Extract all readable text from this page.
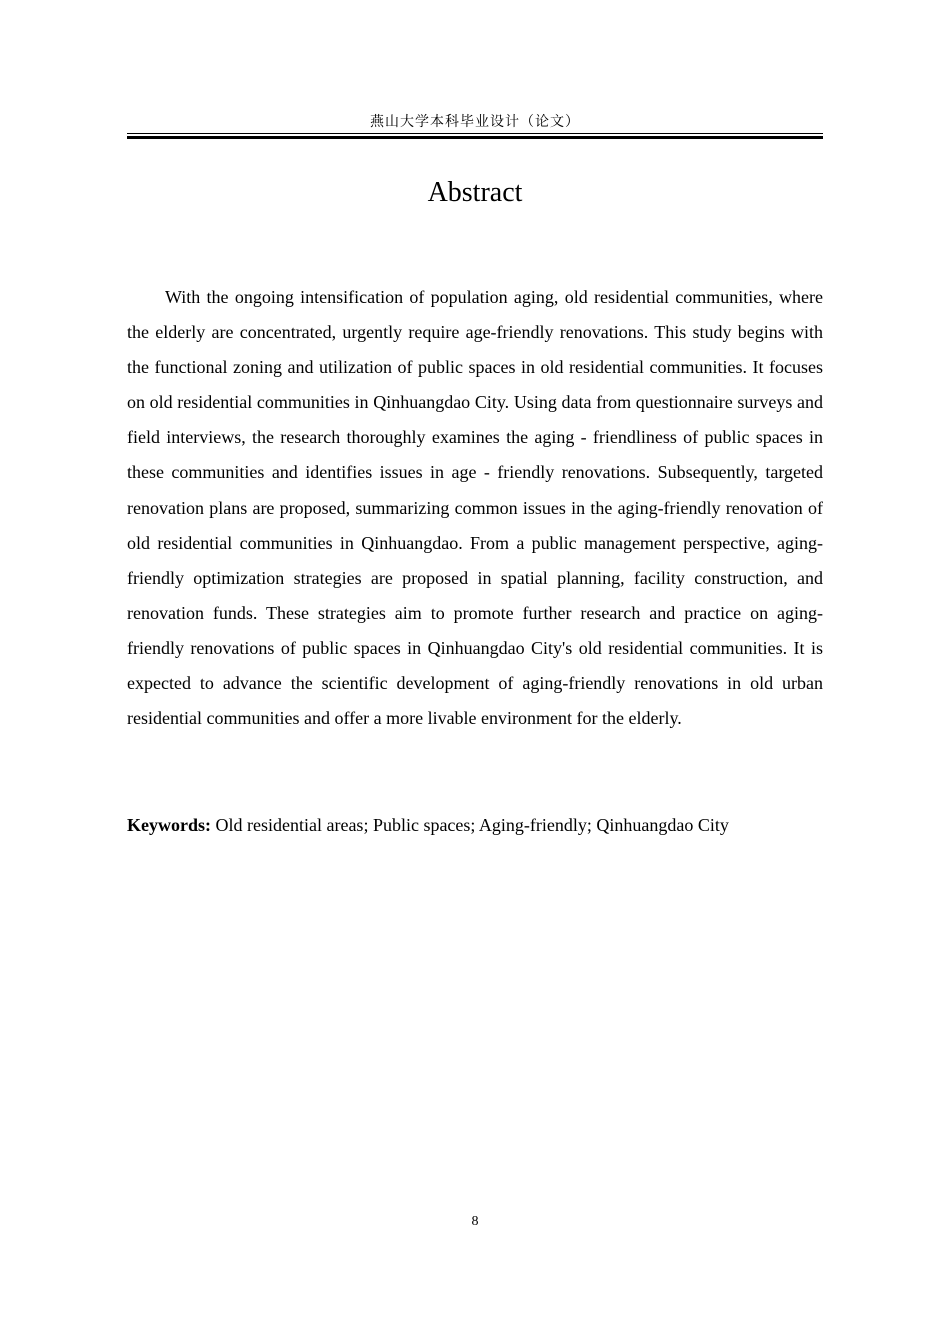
燕山大学本科毕业设计（论文）
Abstract

With the ongoing intensification of population aging, old residential communities, where the elderly are concentrated, urgently require age-friendly renovations. This study begins with the functional zoning and utilization of public spaces in old residential communities. It focuses on old residential communities in Qinhuangdao City. Using data from questionnaire surveys and field interviews, the research thoroughly examines the aging - friendliness of public spaces in these communities and identifies issues in age - friendly renovations. Subsequently, targeted renovation plans are proposed, summarizing common issues in the aging-friendly renovation of old residential communities in Qinhuangdao. From a public management perspective, aging-friendly optimization strategies are proposed in spatial planning, facility construction, and renovation funds. These strategies aim to promote further research and practice on aging-friendly renovations of public spaces in Qinhuangdao City's old residential communities. It is expected to advance the scientific development of aging-friendly renovations in old urban residential communities and offer a more livable environment for the elderly.

Keywords: Old residential areas; Public spaces; Aging-friendly; Qinhuangdao City

8
